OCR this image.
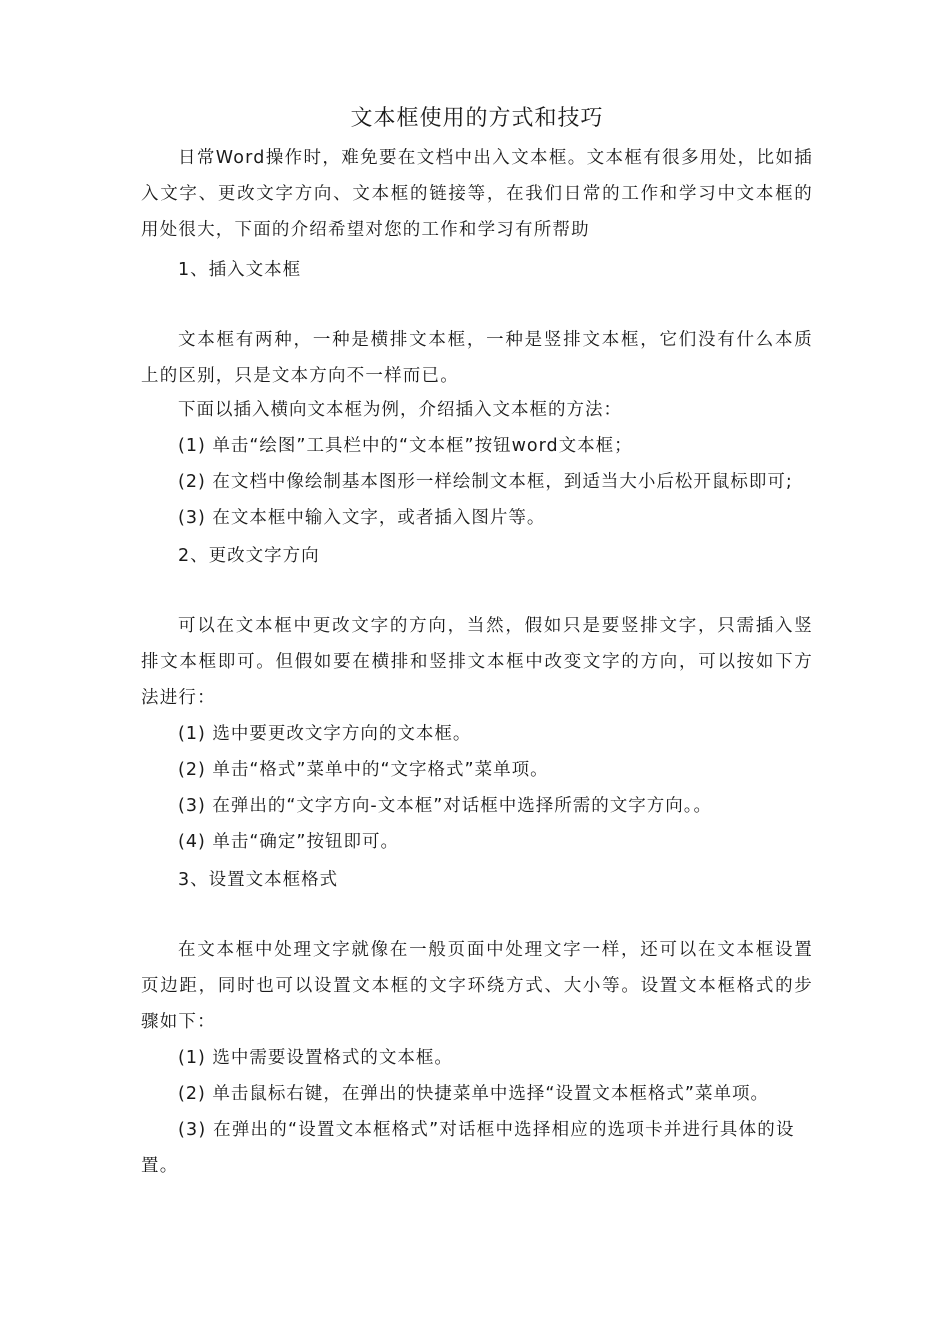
文本框使用的方式和技巧

日常Word操作时，难免要在文档中出入文本框。文本框有很多用处，比如插入文字、更改文字方向、文本框的链接等，在我们日常的工作和学习中文本框的用处很大，下面的介绍希望对您的工作和学习有所帮助

1、插入文本框

文本框有两种，一种是横排文本框，一种是竖排文本框，它们没有什么本质上的区别，只是文本方向不一样而已。

下面以插入横向文本框为例，介绍插入文本框的方法：

(1) 单击“绘图”工具栏中的“文本框”按钮word文本框；

(2) 在文档中像绘制基本图形一样绘制文本框，到适当大小后松开鼠标即可;

(3) 在文本框中输入文字，或者插入图片等。

2、更改文字方向

可以在文本框中更改文字的方向，当然，假如只是要竖排文字，只需插入竖排文本框即可。但假如要在横排和竖排文本框中改变文字的方向，可以按如下方法进行：

(1) 选中要更改文字方向的文本框。

(2) 单击“格式”菜单中的“文字格式”菜单项。

(3) 在弹出的“文字方向-文本框”对话框中选择所需的文字方向。。

(4) 单击“确定”按钮即可。

3、设置文本框格式

在文本框中处理文字就像在一般页面中处理文字一样，还可以在文本框设置页边距，同时也可以设置文本框的文字环绕方式、大小等。设置文本框格式的步骤如下：

(1) 选中需要设置格式的文本框。

(2) 单击鼠标右键，在弹出的快捷菜单中选择“设置文本框格式”菜单项。

(3) 在弹出的“设置文本框格式”对话框中选择相应的选项卡并进行具体的设置。
